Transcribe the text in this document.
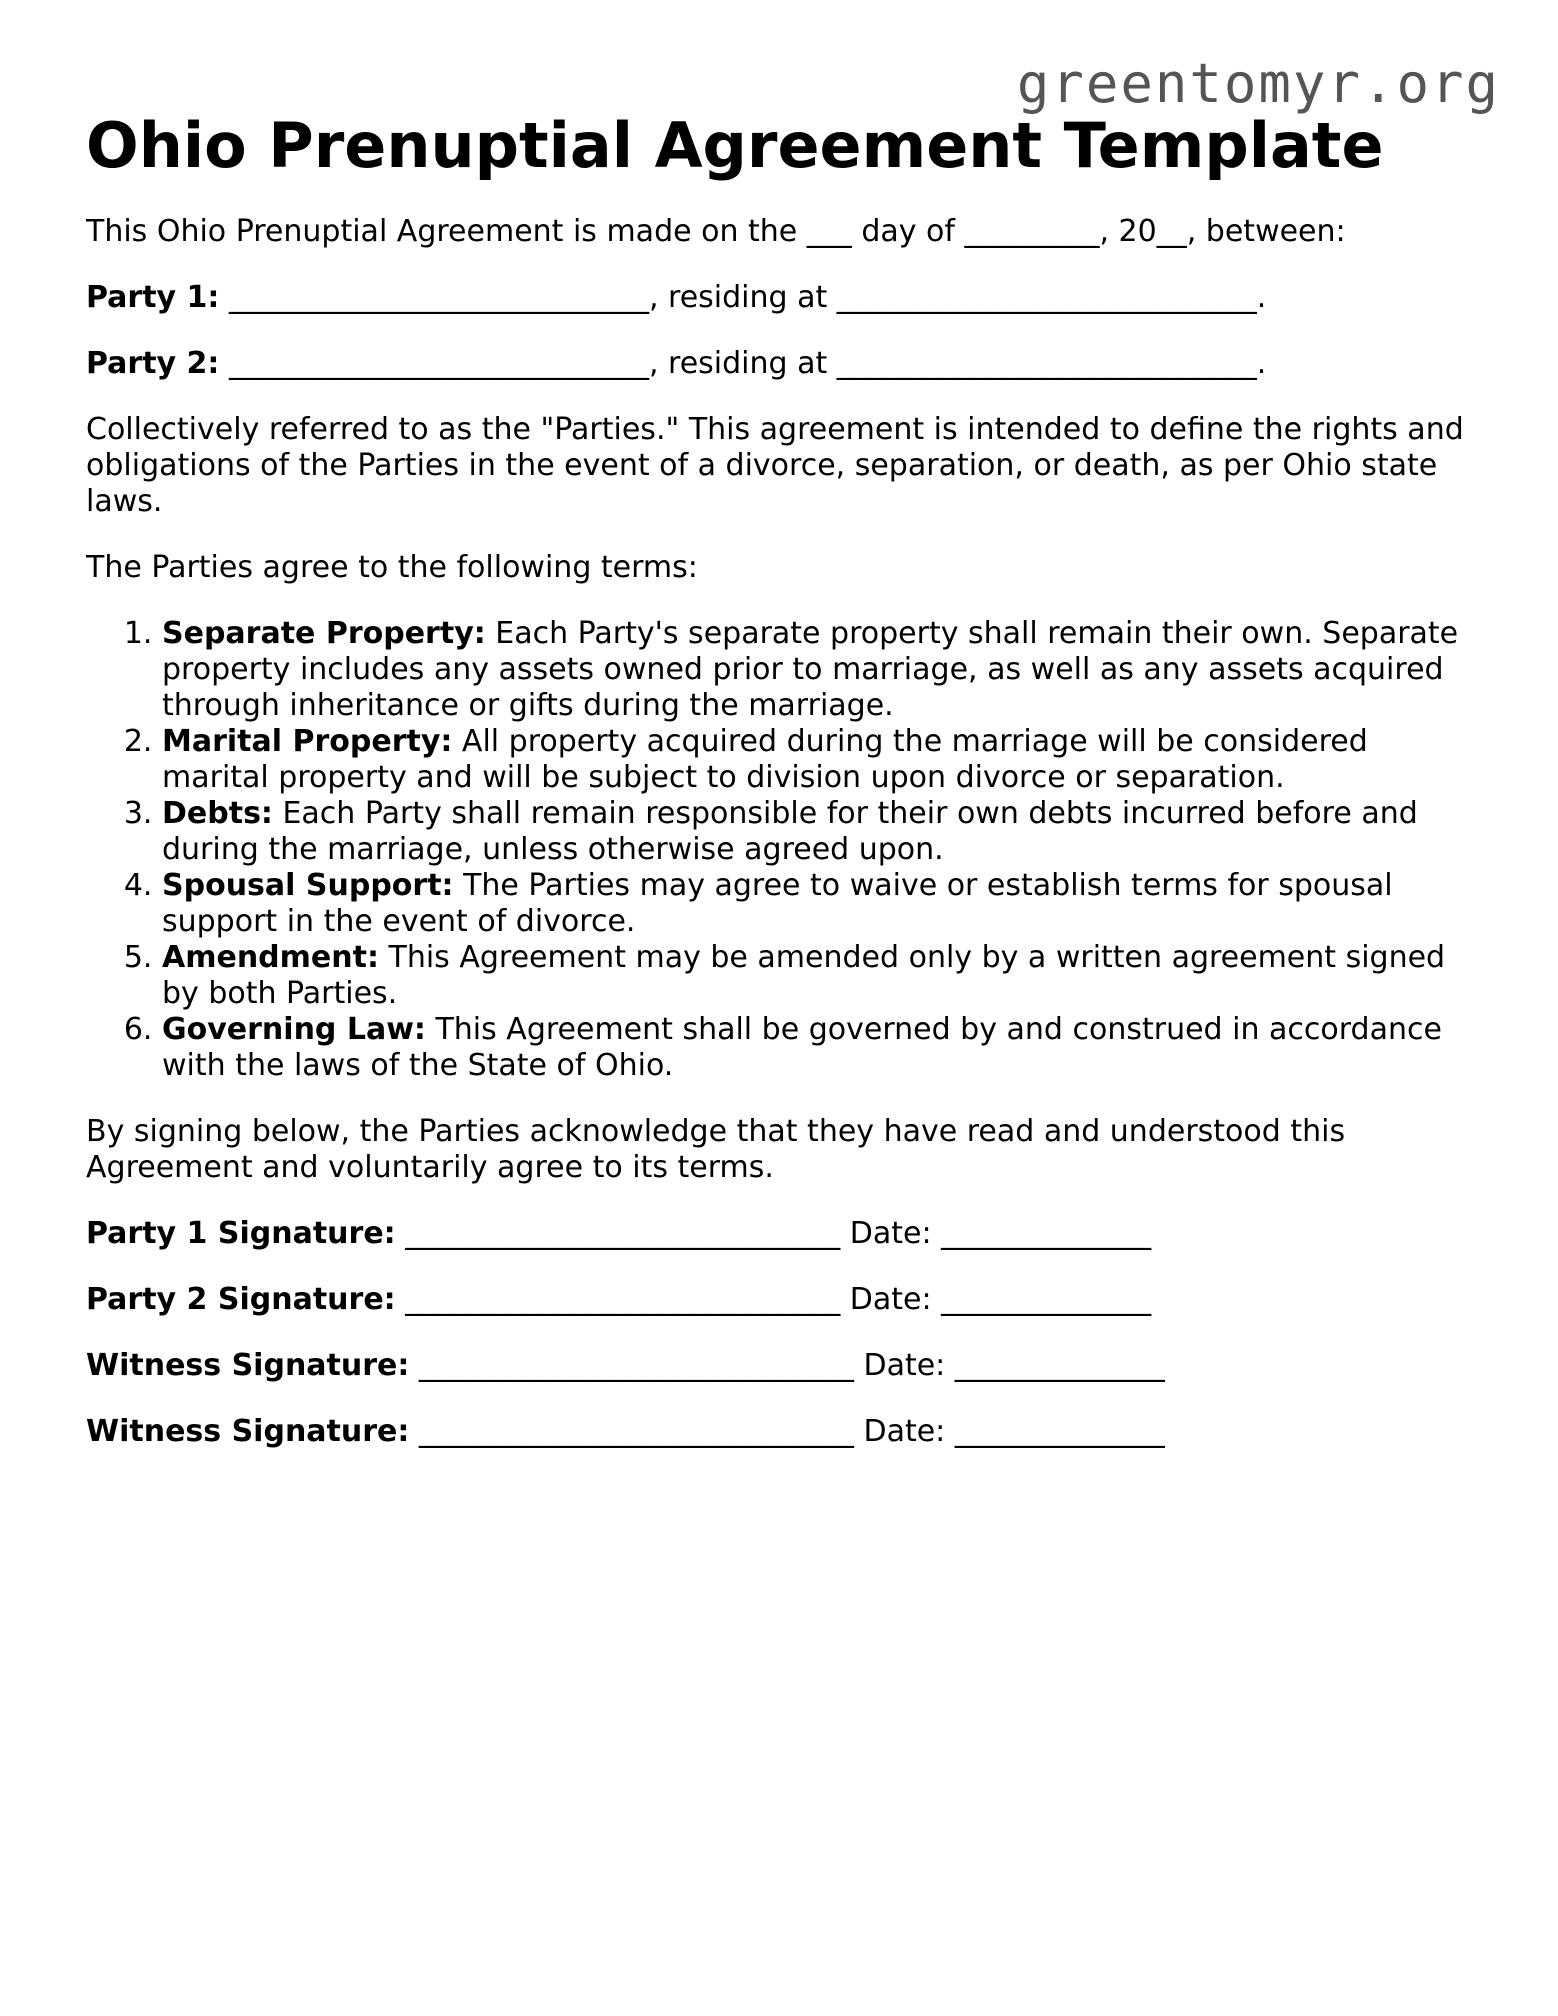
greentomyr.org
Ohio Prenuptial Agreement Template

This Ohio Prenuptial Agreement is made on the ___ day of _________, 20__, between:

Party 1: ____________________________, residing at ____________________________.
Party 2: ____________________________, residing at ____________________________.

Collectively referred to as the "Parties." This agreement is intended to define the rights and obligations of the Parties in the event of a divorce, separation, or death, as per Ohio state laws.

The Parties agree to the following terms:

1. Separate Property: Each Party's separate property shall remain their own. Separate property includes any assets owned prior to marriage, as well as any assets acquired through inheritance or gifts during the marriage.
2. Marital Property: All property acquired during the marriage will be considered marital property and will be subject to division upon divorce or separation.
3. Debts: Each Party shall remain responsible for their own debts incurred before and during the marriage, unless otherwise agreed upon.
4. Spousal Support: The Parties may agree to waive or establish terms for spousal support in the event of divorce.
5. Amendment: This Agreement may be amended only by a written agreement signed by both Parties.
6. Governing Law: This Agreement shall be governed by and construed in accordance with the laws of the State of Ohio.

By signing below, the Parties acknowledge that they have read and understood this Agreement and voluntarily agree to its terms.

Party 1 Signature: _____________________________ Date: ______________
Party 2 Signature: _____________________________ Date: ______________
Witness Signature: _____________________________ Date: ______________
Witness Signature: _____________________________ Date: ______________
